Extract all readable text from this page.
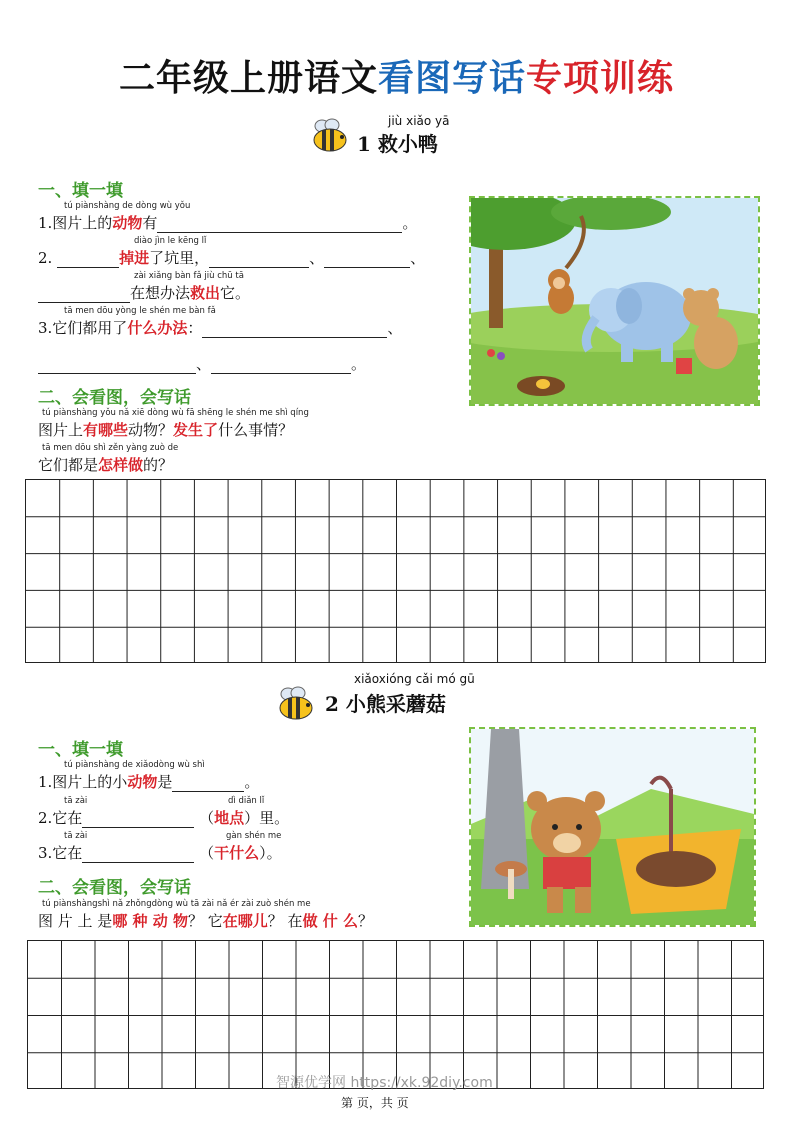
二年级上册语文看图写话专项训练
jiù xiǎo yā
1 救小鸭
一、填一填
tú piànshàng de dòng wù yǒu
1.图片上的动物有	。
diào jìn le kēng lǐ
2.	掉进了坑里，	、	、
zài xiǎng bàn fǎ jiù chū tā
在想办法救出它。
tā men dōu yòng le shén me bàn fǎ
3.它们都用了什么办法：	、
、	。
二、会看图，会写话
tú piànshàng yǒu nǎ xiē dòng wù fā shēng le shén me shì qíng
图片上有哪些动物？发生了什么事情？
tā men dōu shì zěn yàng zuò de
它们都是怎样做的？
xiǎoxióng cǎi mó gū
2 小熊采蘑菇
一、填一填
tú piànshàng de xiǎodòng wù shì
1.图片上的小动物是	。
tā zài	dì diǎn lǐ
2.它在	（地点）里。
tā zài	gàn shén me
3.它在	（干什么）。
二、会看图，会写话
tú piànshàngshì nǎ zhǒngdòng wù tā zài nǎ ér zài zuò shén me
图 片 上 是哪 种 动 物？ 它在哪儿？ 在做 什 么？
智源优学网 https://xk.92diy.com
第 页，共 页
